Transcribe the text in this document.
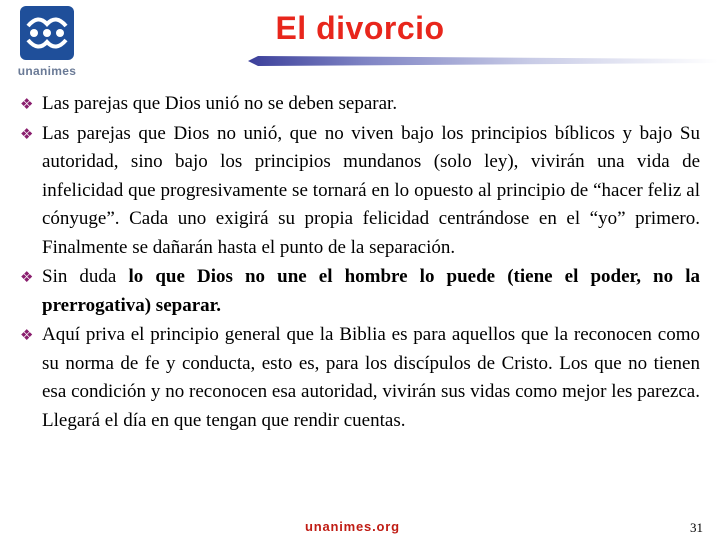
unanimes
El divorcio
❖ Las parejas que Dios unió no se deben separar.
❖ Las parejas que Dios no unió, que no viven bajo los principios bíblicos y bajo Su autoridad, sino bajo los principios mundanos (solo ley), vivirán una vida de infelicidad que progresivamente se tornará en lo opuesto al principio de “hacer feliz al cónyuge”. Cada uno exigirá su propia felicidad centrándose en el “yo” primero. Finalmente se dañarán hasta el punto de la separación.
❖ Sin duda lo que Dios no une el hombre lo puede (tiene el poder, no la prerrogativa) separar.
❖ Aquí priva el principio general que la Biblia es para aquellos que la reconocen como su norma de fe y conducta, esto es, para los discípulos de Cristo. Los que no tienen esa condición y no reconocen esa autoridad, vivirán sus vidas como mejor les parezca. Llegará el día en que tengan que rendir cuentas.
unanimes.org	31
